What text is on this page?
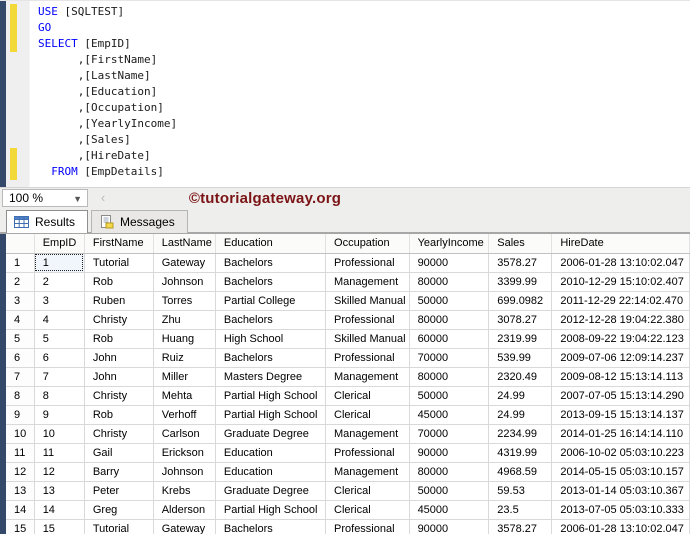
USE [SQLTEST]
GO
SELECT [EmpID]
,[FirstName]
,[LastName]
,[Education]
,[Occupation]
,[YearlyIncome]
,[Sales]
,[HireDate]
FROM [EmpDetails]
100 %	▼	‹	©tutorialgateway.org
Results	Messages
	EmpID	FirstName	LastName	Education	Occupation	YearlyIncome	Sales	HireDate
1	1	Tutorial	Gateway	Bachelors	Professional	90000	3578.27	2006-01-28 13:10:02.047
2	2	Rob	Johnson	Bachelors	Management	80000	3399.99	2010-12-29 15:10:02.407
3	3	Ruben	Torres	Partial College	Skilled Manual	50000	699.0982	2011-12-29 22:14:02.470
4	4	Christy	Zhu	Bachelors	Professional	80000	3078.27	2012-12-28 19:04:22.380
5	5	Rob	Huang	High School	Skilled Manual	60000	2319.99	2008-09-22 19:04:22.123
6	6	John	Ruiz	Bachelors	Professional	70000	539.99	2009-07-06 12:09:14.237
7	7	John	Miller	Masters Degree	Management	80000	2320.49	2009-08-12 15:13:14.113
8	8	Christy	Mehta	Partial High School	Clerical	50000	24.99	2007-07-05 15:13:14.290
9	9	Rob	Verhoff	Partial High School	Clerical	45000	24.99	2013-09-15 15:13:14.137
10	10	Christy	Carlson	Graduate Degree	Management	70000	2234.99	2014-01-25 16:14:14.110
11	11	Gail	Erickson	Education	Professional	90000	4319.99	2006-10-02 05:03:10.223
12	12	Barry	Johnson	Education	Management	80000	4968.59	2014-05-15 05:03:10.157
13	13	Peter	Krebs	Graduate Degree	Clerical	50000	59.53	2013-01-14 05:03:10.367
14	14	Greg	Alderson	Partial High School	Clerical	45000	23.5	2013-07-05 05:03:10.333
15	15	Tutorial	Gateway	Bachelors	Professional	90000	3578.27	2006-01-28 13:10:02.047
